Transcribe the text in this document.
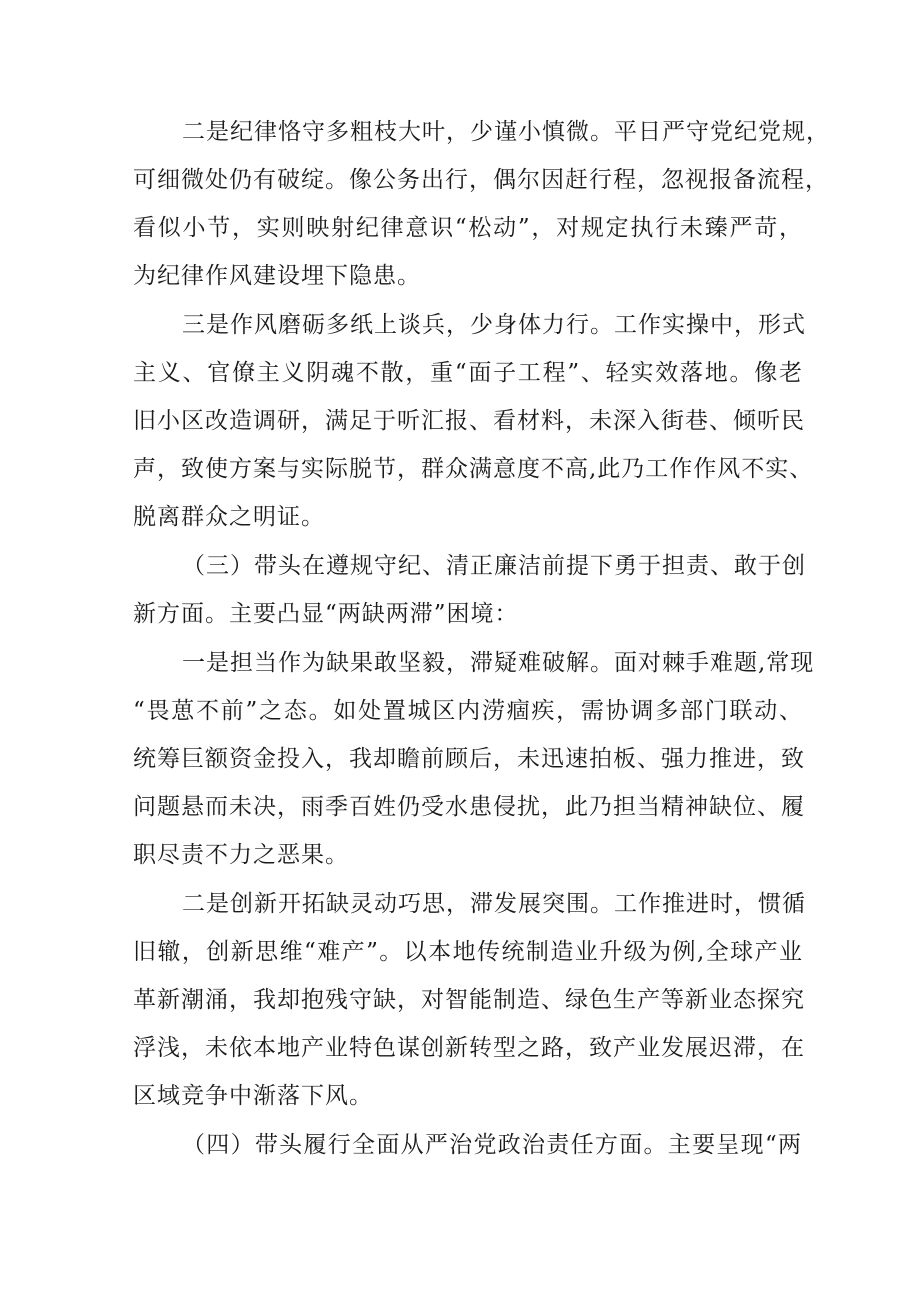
二是纪律恪守多粗枝大叶，少谨小慎微。平日严守党纪党规，

可细微处仍有破绽。像公务出行，偶尔因赶行程，忽视报备流程，

看似小节，实则映射纪律意识“松动”，对规定执行未臻严苛，

为纪律作风建设埋下隐患。

三是作风磨砺多纸上谈兵，少身体力行。工作实操中，形式

主义、官僚主义阴魂不散，重“面子工程”、轻实效落地。像老

旧小区改造调研，满足于听汇报、看材料，未深入街巷、倾听民

声，致使方案与实际脱节，群众满意度不高,此乃工作作风不实、

脱离群众之明证。

（三）带头在遵规守纪、清正廉洁前提下勇于担责、敢于创

新方面。主要凸显“两缺两滞”困境：

一是担当作为缺果敢坚毅，滞疑难破解。面对棘手难题,常现

“畏葸不前”之态。如处置城区内涝痼疾，需协调多部门联动、

统筹巨额资金投入，我却瞻前顾后，未迅速拍板、强力推进，致

问题悬而未决，雨季百姓仍受水患侵扰，此乃担当精神缺位、履

职尽责不力之恶果。

二是创新开拓缺灵动巧思，滞发展突围。工作推进时，惯循

旧辙，创新思维“难产”。以本地传统制造业升级为例,全球产业

革新潮涌，我却抱残守缺，对智能制造、绿色生产等新业态探究

浮浅，未依本地产业特色谋创新转型之路，致产业发展迟滞，在

区域竞争中渐落下风。

（四）带头履行全面从严治党政治责任方面。主要呈现“两
